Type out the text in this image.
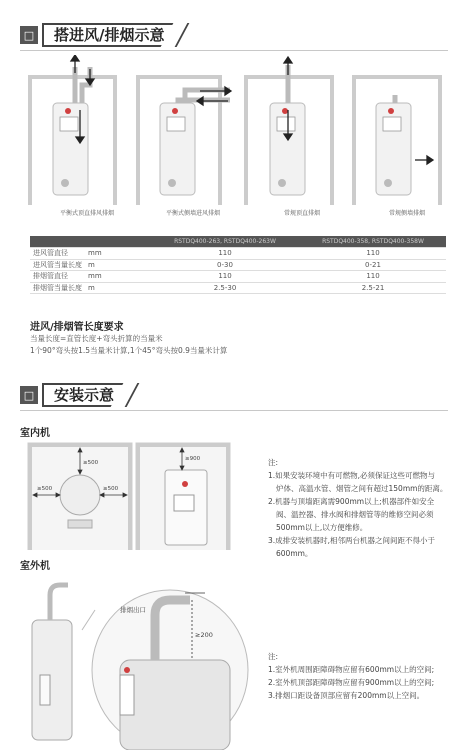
□	搭进风/排烟示意
平衡式顶直排风排烟	平衡式侧墙进风排烟	常规顶直排烟	常规侧墙排烟
		RSTDQ400-263, RSTDQ400-263W	RSTDQ400-358, RSTDQ400-358W
进风管直径	mm	110	110
进风管当量长度	m	0-30	0-21
排烟管直径	mm	110	110
排烟管当量长度	m	2.5-30	2.5-21
进风/排烟管长度要求
当量长度=直管长度+弯头折算的当量米
1个90°弯头按1.5当量米计算,1个45°弯头按0.9当量米计算
□	安装示意
室内机
≥500
≥500	≥500
≥900	注:
1.如果安装环境中有可燃物,必须保证这些可燃物与
炉体、高温水管、烟管之间有超过150mm的距离。
2.机器与顶墙距离需900mm以上;机器部件如安全
阀、温控器、排水阀和排烟管等的维修空间必须
500mm以上,以方便维修。
3.成排安装机器时,相邻两台机器之间间距不得小于
600mm。
室外机
排烟出口
≥200
注:
1.室外机周围距障碍物应留有600mm以上的空间;
2.室外机顶部距障碍物应留有900mm以上的空间;
3.排烟口距设备顶部应留有200mm以上空间。
